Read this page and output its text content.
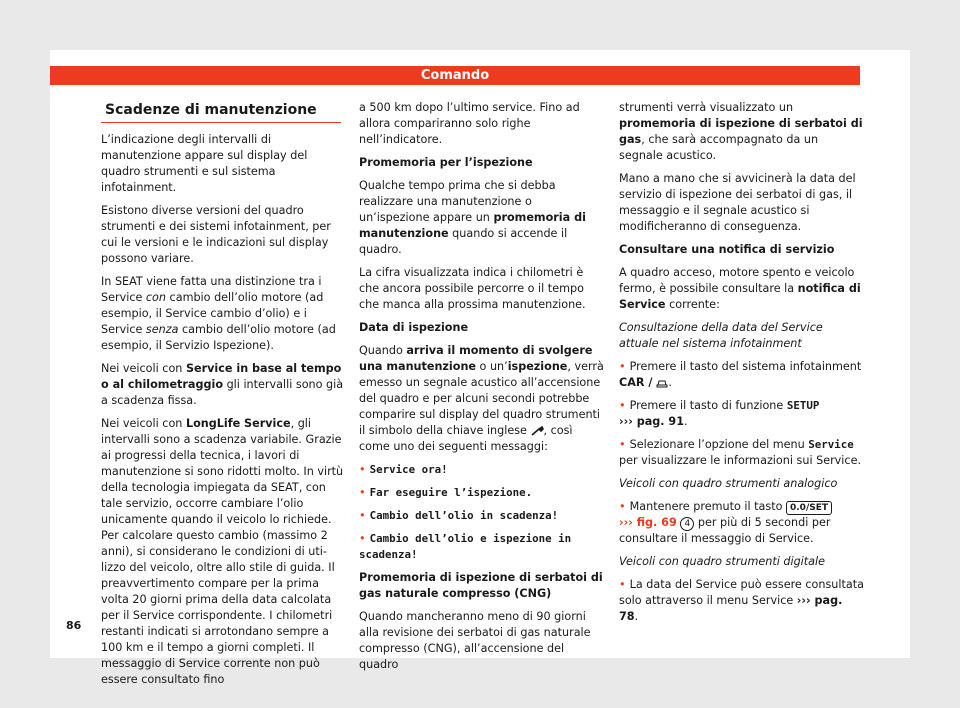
Comando
Scadenze di manutenzione

L’indicazione degli intervalli di manutenzione appare sul display del quadro strumenti e sul sistema infotainment.

Esistono diverse versioni del quadro strumenti e dei sistemi infotainment, per cui le versioni e le indicazioni sul display possono variare.

In SEAT viene fatta una distinzione tra i Service con cambio dell’olio motore (ad esempio, il Service cambio d’olio) e i Service senza cambio dell’olio motore (ad esempio, il Servizio Ispezione).

Nei veicoli con Service in base al tempo o al chilometraggio gli intervalli sono già a scadenza fissa.

Nei veicoli con LongLife Service, gli intervalli sono a scadenza variabile. Grazie ai progressi della tecnica, i lavori di manutenzione si sono ridotti molto. In virtù della tecnologia impiegata da SEAT, con tale servizio, occorre cambiare l’olio unicamente quando il veicolo lo richiede. Per calcolare questo cambio (massimo 2 anni), si considerano le condizioni di utilizzo del veicolo, oltre allo stile di guida. Il preavvertimento compare per la prima volta 20 giorni prima della data calcolata per il Service corrispondente. I chilometri restanti indicati si arrotondano sempre a 100 km e il tempo a giorni completi. Il messaggio di Service corrente non può essere consultato fino

a 500 km dopo l’ultimo service. Fino ad allora compariranno solo righe nell’indicatore.

Promemoria per l’ispezione

Qualche tempo prima che si debba realizzare una manutenzione o un’ispezione appare un promemoria di manutenzione quando si accende il quadro.

La cifra visualizzata indica i chilometri è che ancora possibile percorre o il tempo che manca alla prossima manutenzione.

Data di ispezione

Quando arriva il momento di svolgere una manutenzione o un’ispezione, verrà emesso un segnale acustico all’accensione del quadro e per alcuni secondi potrebbe comparire sul display del quadro strumenti il simbolo della chiave inglese , così come uno dei seguenti messaggi:

• Service ora!

• Far eseguire l’ispezione.

• Cambio dell’olio in scadenza!

• Cambio dell’olio e ispezione in scadenza!

Promemoria di ispezione di serbatoi di gas naturale compresso (CNG)

Quando mancheranno meno di 90 giorni alla revisione dei serbatoi di gas naturale compresso (CNG), all’accensione del quadro

strumenti verrà visualizzato un promemoria di ispezione di serbatoi di gas, che sarà accompagnato da un segnale acustico.

Mano a mano che si avvicinerà la data del servizio di ispezione dei serbatoi di gas, il messaggio e il segnale acustico si modificheranno di conseguenza.

Consultare una notifica di servizio

A quadro acceso, motore spento e veicolo fermo, è possibile consultare la notifica di Service corrente:

Consultazione della data del Service attuale nel sistema infotainment

• Premere il tasto del sistema infotainment
CAR / .

• Premere il tasto di funzione SETUP
››› pag. 91.

• Selezionare l’opzione del menu Service
per visualizzare le informazioni sui Service.

Veicoli con quadro strumenti analogico

• Mantenere premuto il tasto 0.0/SET
››› fig. 69 4 per più di 5 secondi per consultare il messaggio di Service.

Veicoli con quadro strumenti digitale

• La data del Service può essere consultata solo attraverso il menu Service ››› pag. 78.

86
